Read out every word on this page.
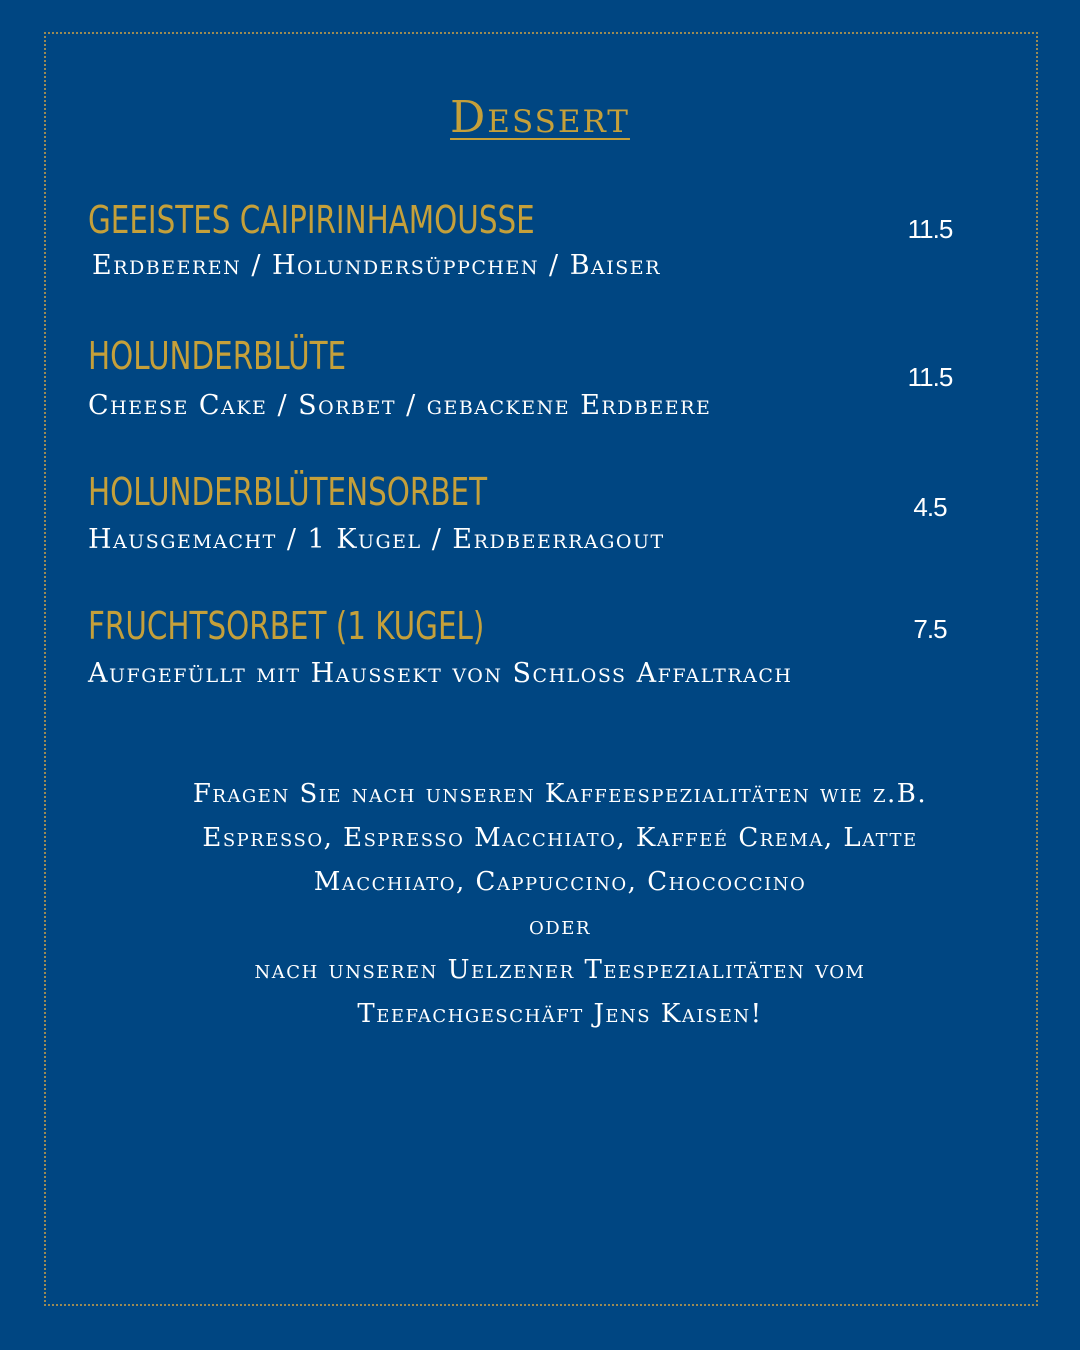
Dessert
GEEISTES CAIPIRINHAMOUSSE
Erdbeeren / Holundersüppchen / Baiser
11.5
HOLUNDERBLÜTE
Cheese Cake / Sorbet / gebackene Erdbeere
11.5
HOLUNDERBLÜTENSORBET
Hausgemacht / 1 Kugel / Erdbeerragout
4.5
FRUCHTSORBET (1 KUGEL)
Aufgefüllt mit Haussekt von Schloss Affaltrach
7.5
Fragen Sie nach unseren Kaffeespezialitäten wie z.B.
Espresso, Espresso Macchiato, Kaffeé Crema, Latte
Macchiato, Cappuccino, Chococcino
oder
nach unseren Uelzener Teespezialitäten vom
Teefachgeschäft Jens Kaisen!
